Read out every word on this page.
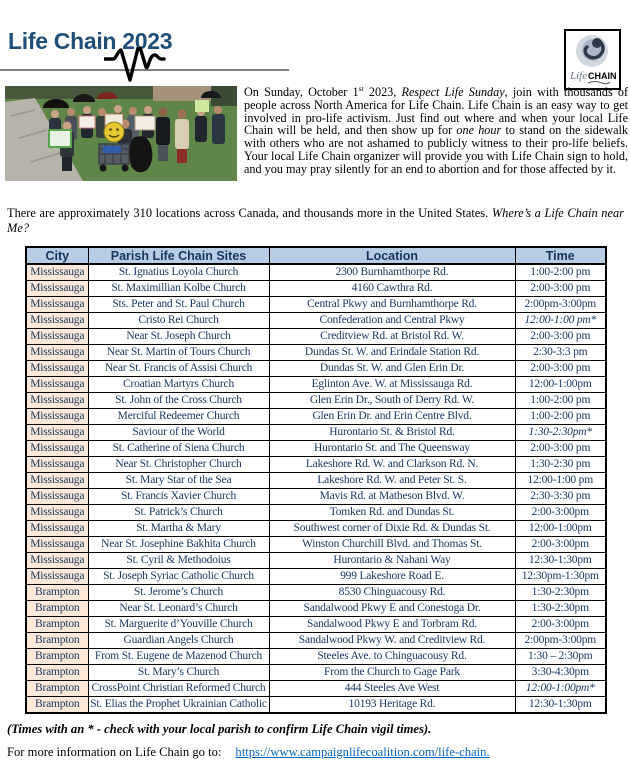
Life Chain 2023
Life CHAIN
On Sunday, October 1st 2023, Respect Life Sunday, join with thousands of people across North America for Life Chain. Life Chain is an easy way to get involved in pro-life activism. Just find out where and when your local Life Chain will be held, and then show up for one hour to stand on the sidewalk with others who are not ashamed to publicly witness to their pro-life beliefs. Your local Life Chain organizer will provide you with Life Chain sign to hold, and you may pray silently for an end to abortion and for those affected by it.
There are approximately 310 locations across Canada, and thousands more in the United States. Where’s a Life Chain near Me?
City	Parish Life Chain Sites	Location	Time
Mississauga	St. Ignatius Loyola Church	2300 Burnhamthorpe Rd.	1:00-2:00 pm
Mississauga	St. Maximillian Kolbe Church	4160 Cawthra Rd.	2:00-3:00 pm
Mississauga	Sts. Peter and St. Paul Church	Central Pkwy and Burnhamthorpe Rd.	2:00pm-3:00pm
Mississauga	Cristo Rei Church	Confederation and Central Pkwy	12:00-1:00 pm*
Mississauga	Near St. Joseph Church	Creditview Rd. at Bristol Rd. W.	2:00-3:00 pm
Mississauga	Near St. Martin of Tours Church	Dundas St. W. and Erindale Station Rd.	2:30-3:3 pm
Mississauga	Near St. Francis of Assisi Church	Dundas St. W. and Glen Erin Dr.	2:00-3:00 pm
Mississauga	Croatian Martyrs Church	Eglinton Ave. W. at Mississauga Rd.	12:00-1:00pm
Mississauga	St. John of the Cross Church	Glen Erin Dr., South of Derry Rd. W.	1:00-2:00 pm
Mississauga	Merciful Redeemer Church	Glen Erin Dr. and Erin Centre Blvd.	1:00-2:00 pm
Mississauga	Saviour of the World	Hurontario St. & Bristol Rd.	1:30-2:30pm*
Mississauga	St. Catherine of Siena Church	Hurontario St. and The Queensway	2:00-3:00 pm
Mississauga	Near St. Christopher Church	Lakeshore Rd. W. and Clarkson Rd. N.	1:30-2:30 pm
Mississauga	St. Mary Star of the Sea	Lakeshore Rd. W. and Peter St. S.	12:00-1:00 pm
Mississauga	St. Francis Xavier Church	Mavis Rd. at Matheson Blvd. W.	2:30-3:30 pm
Mississauga	St. Patrick’s Church	Tomken Rd. and Dundas St.	2:00-3:00pm
Mississauga	St. Martha & Mary	Southwest corner of Dixie Rd. & Dundas St.	12:00-1:00pm
Mississauga	Near St. Josephine Bakhita Church	Winston Churchill Blvd. and Thomas St.	2:00-3:00pm
Mississauga	St. Cyril & Methodoius	Hurontario & Nahani Way	12:30-1:30pm
Mississauga	St. Joseph Syriac Catholic Church	999 Lakeshore Road E.	12:30pm-1:30pm
Brampton	St. Jerome’s Church	8530 Chinguacousy Rd.	1:30-2:30pm
Brampton	Near St. Leonard’s Church	Sandalwood Pkwy E and Conestoga Dr.	1:30-2:30pm
Brampton	St. Marguerite d’Youville Church	Sandalwood Pkwy E and Torbram Rd.	2:00-3:00pm
Brampton	Guardian Angels Church	Sandalwood Pkwy W. and Creditview Rd.	2:00pm-3:00pm
Brampton	From St. Eugene de Mazenod Church	Steeles Ave. to Chinguacousy Rd.	1:30 – 2:30pm
Brampton	St. Mary’s Church	From the Church to Gage Park	3:30-4:30pm
Brampton	CrossPoint Christian Reformed Church	444 Steeles Ave West	12:00-1:00pm*
Brampton	St. Elias the Prophet Ukrainian Catholic	10193 Heritage Rd.	12:30-1:30pm
(Times with an * - check with your local parish to confirm Life Chain vigil times).
For more information on Life Chain go to: https://www.campaignlifecoalition.com/life-chain.
